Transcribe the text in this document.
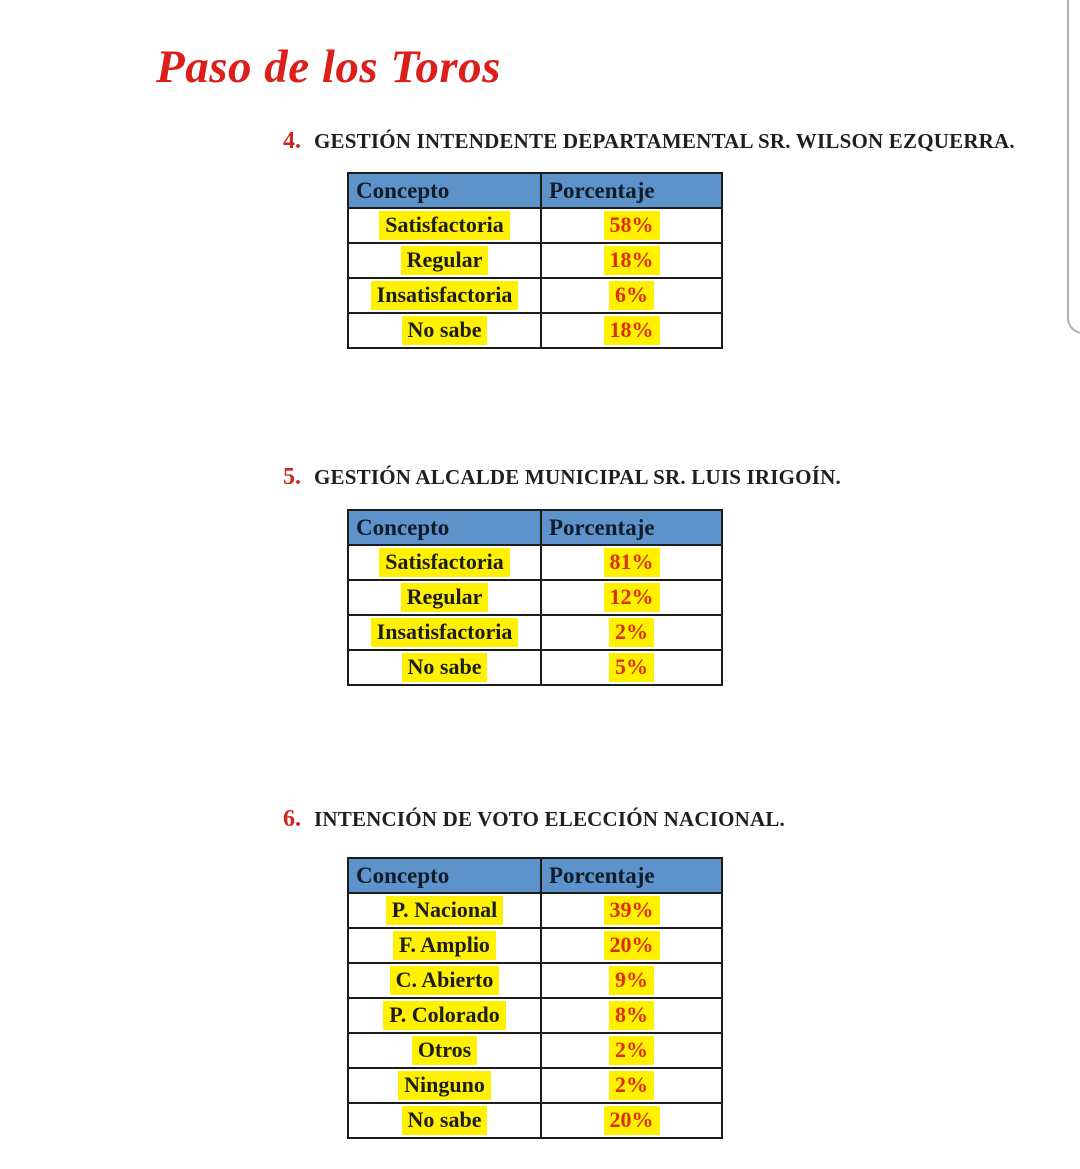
Paso de los Toros
4. GESTIÓN INTENDENTE DEPARTAMENTAL SR. WILSON EZQUERRA.
Concepto	Porcentaje
Satisfactoria	58%
Regular	18%
Insatisfactoria	6%
No sabe	18%
5. GESTIÓN ALCALDE MUNICIPAL SR. LUIS IRIGOÍN.
Concepto	Porcentaje
Satisfactoria	81%
Regular	12%
Insatisfactoria	2%
No sabe	5%
6. INTENCIÓN DE VOTO ELECCIÓN NACIONAL.
Concepto	Porcentaje
P. Nacional	39%
F. Amplio	20%
C. Abierto	9%
P. Colorado	8%
Otros	2%
Ninguno	2%
No sabe	20%
